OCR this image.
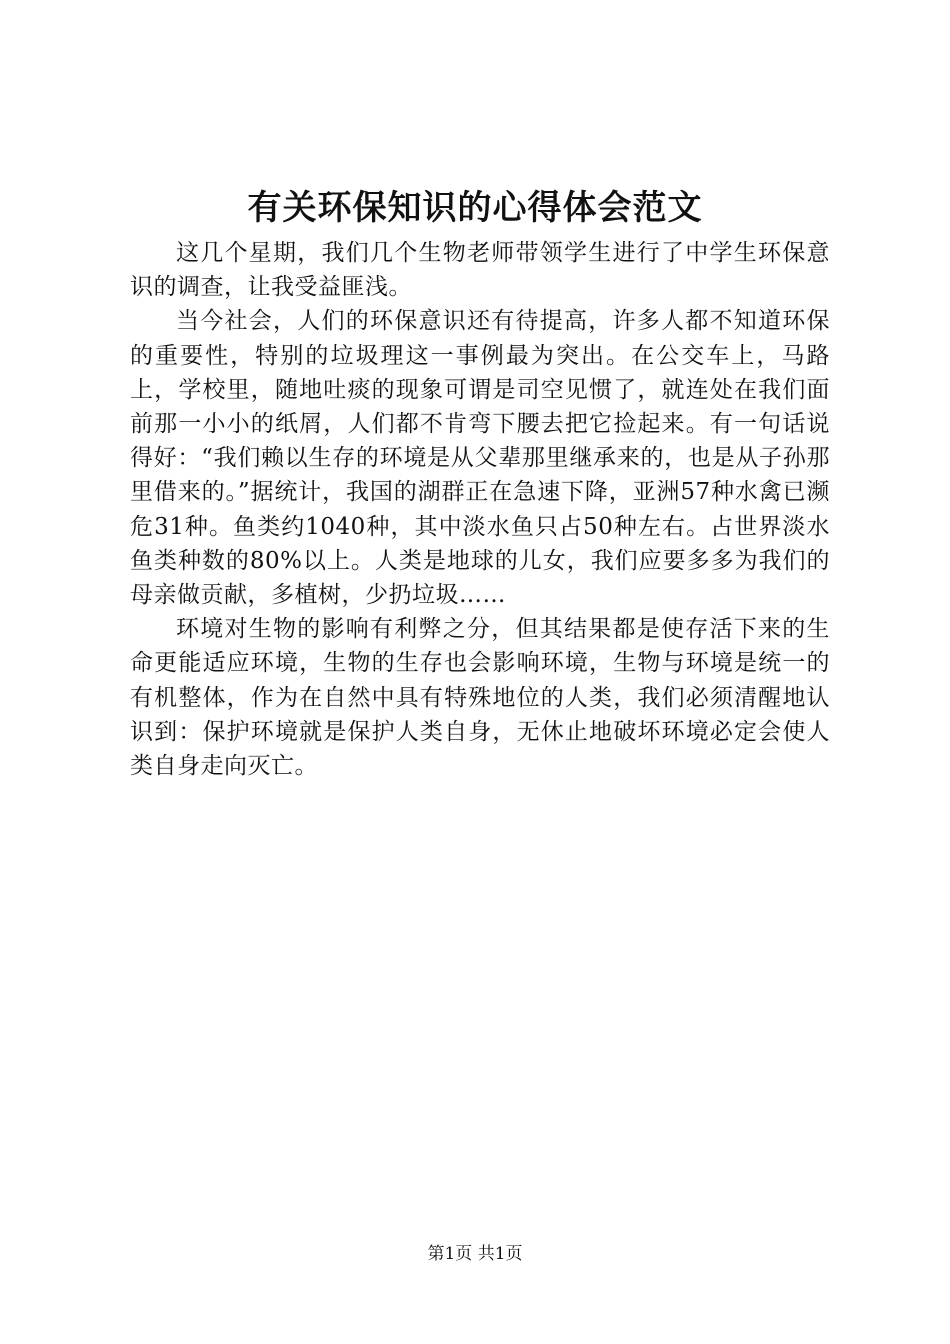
有关环保知识的心得体会范文

这几个星期，我们几个生物老师带领学生进行了中学生环保意识的调查，让我受益匪浅。

当今社会，人们的环保意识还有待提高，许多人都不知道环保的重要性，特别的垃圾理这一事例最为突出。在公交车上，马路上，学校里，随地吐痰的现象可谓是司空见惯了，就连处在我们面前那一小小的纸屑，人们都不肯弯下腰去把它捡起来。有一句话说得好：“我们赖以生存的环境是从父辈那里继承来的，也是从子孙那里借来的。”据统计，我国的湖群正在急速下降，亚洲57种水禽已濒危31种。鱼类约1040种，其中淡水鱼只占50种左右。占世界淡水鱼类种数的80%以上。人类是地球的儿女，我们应要多多为我们的母亲做贡献，多植树，少扔垃圾……

环境对生物的影响有利弊之分，但其结果都是使存活下来的生命更能适应环境，生物的生存也会影响环境，生物与环境是统一的有机整体，作为在自然中具有特殊地位的人类，我们必须清醒地认识到：保护环境就是保护人类自身，无休止地破坏环境必定会使人类自身走向灭亡。

第1页 共1页
